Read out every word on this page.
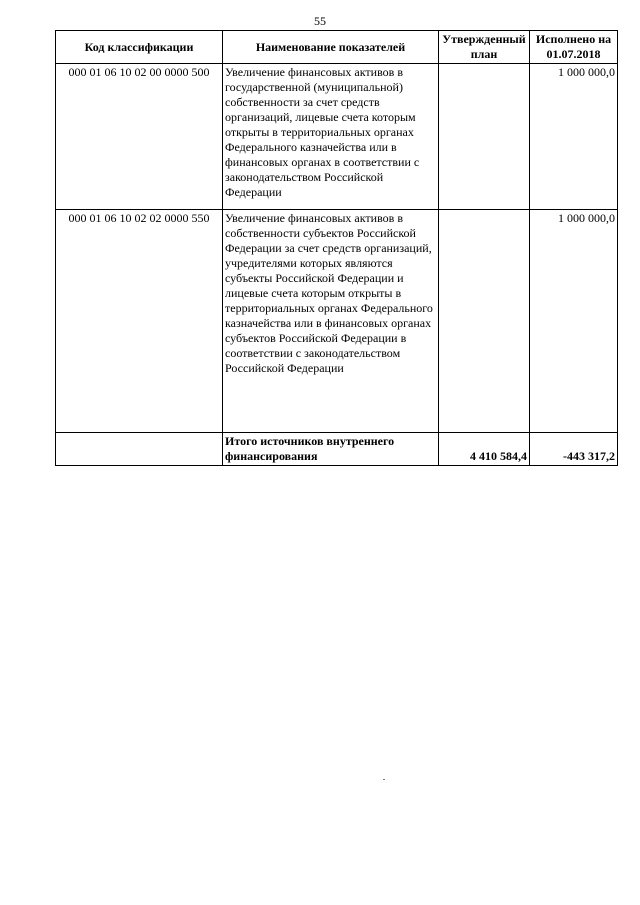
55
Код классификации	Наименование показателей	Утвержденный план	Исполнено на 01.07.2018
000 01 06 10 02 00 0000 500	Увеличение финансовых активов в государственной (муниципальной) собственности за счет средств организаций, лицевые счета которым открыты в территориальных органах Федерального казначейства или в финансовых органах в соответствии с законодательством Российской Федерации		1 000 000,0
000 01 06 10 02 02 0000 550	Увеличение финансовых активов в собственности субъектов Российской Федерации за счет средств организаций, учредителями которых являются субъекты Российской Федерации и лицевые счета которым открыты в территориальных органах Федерального казначейства или в финансовых органах субъектов Российской Федерации в соответствии с законодательством Российской Федерации		1 000 000,0
	Итого источников внутреннего финансирования	4 410 584,4	-443 317,2
